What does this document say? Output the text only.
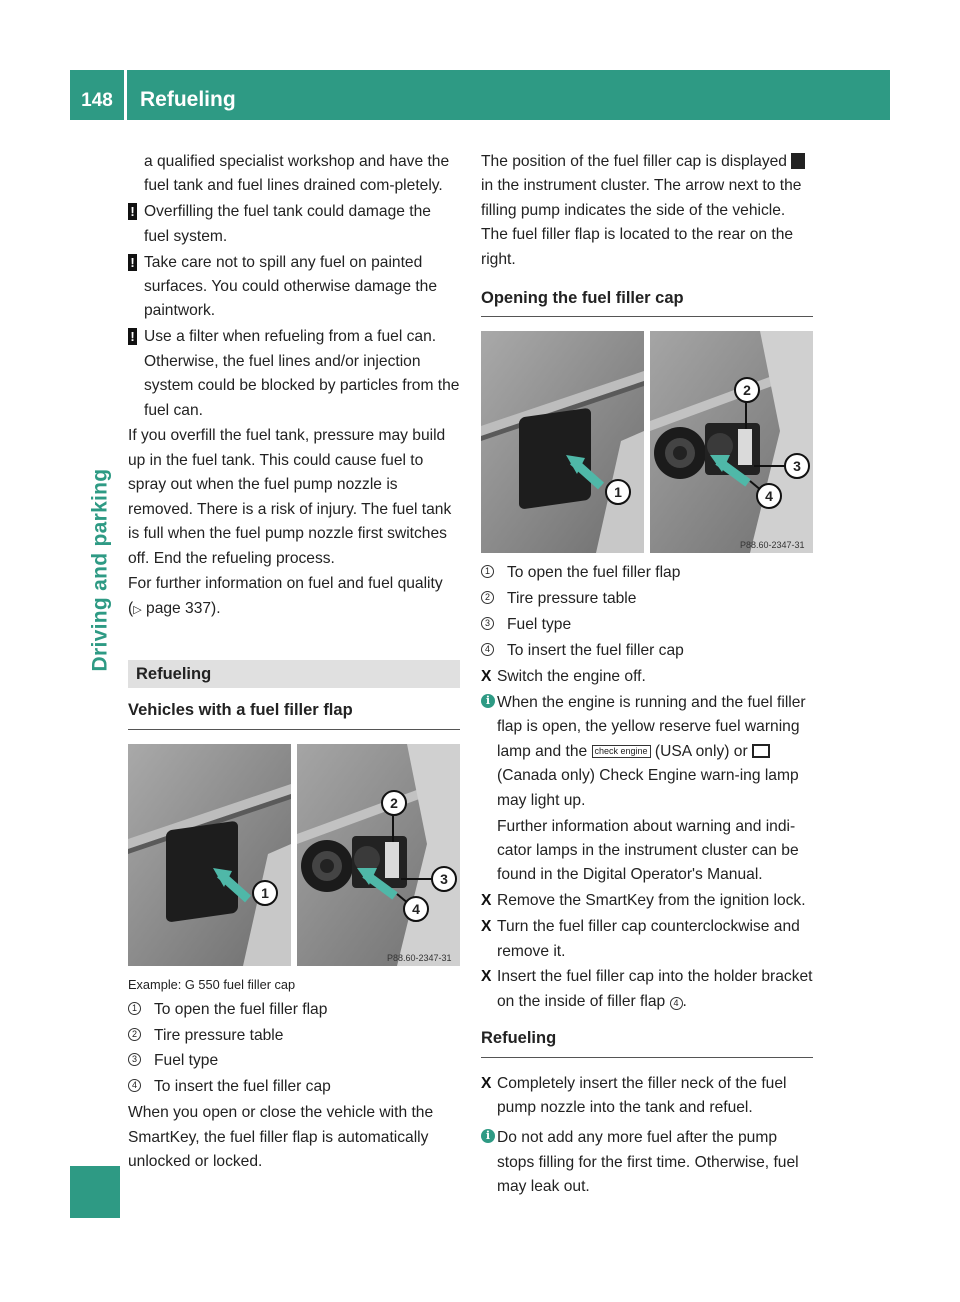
148	Refueling
Driving and parking

a qualified specialist workshop and have the fuel tank and fuel lines drained com-pletely.

! Overfilling the fuel tank could damage the fuel system.
! Take care not to spill any fuel on painted surfaces. You could otherwise damage the paintwork.
! Use a filter when refueling from a fuel can. Otherwise, the fuel lines and/or injection system could be blocked by particles from the fuel can.

If you overfill the fuel tank, pressure may build up in the fuel tank. This could cause fuel to spray out when the fuel pump nozzle is removed. There is a risk of injury. The fuel tank is full when the fuel pump nozzle first switches off. End the refueling process.

For further information on fuel and fuel quality (▷ page 337).

Refueling
Vehicles with a fuel filler flap
1
P88.60-2347-31
2
3
4

Example: G 550 fuel filler cap

1 To open the fuel filler flap
2 Tire pressure table
3 Fuel type
4 To insert the fuel filler cap

When you open or close the vehicle with the SmartKey, the fuel filler flap is automatically unlocked or locked.

The position of the fuel filler cap is displayed  in the instrument cluster. The arrow next to the filling pump indicates the side of the vehicle. The fuel filler flap is located to the rear on the right.

Opening the fuel filler cap
1
P88.60-2347-31
2
3
4
1 To open the fuel filler flap
2 Tire pressure table
3 Fuel type
4 To insert the fuel filler cap
X Switch the engine off.
i When the engine is running and the fuel filler flap is open, the yellow reserve fuel warning lamp and the check engine (USA only) or  (Canada only) Check Engine warn-ing lamp may light up.

Further information about warning and indi-cator lamps in the instrument cluster can be found in the Digital Operator's Manual.

X Remove the SmartKey from the ignition lock.
X Turn the fuel filler cap counterclockwise and remove it.
X Insert the fuel filler cap into the holder bracket on the inside of filler flap 4 .
Refueling
X Completely insert the filler neck of the fuel pump nozzle into the tank and refuel.
i Do not add any more fuel after the pump stops filling for the first time. Otherwise, fuel may leak out.
